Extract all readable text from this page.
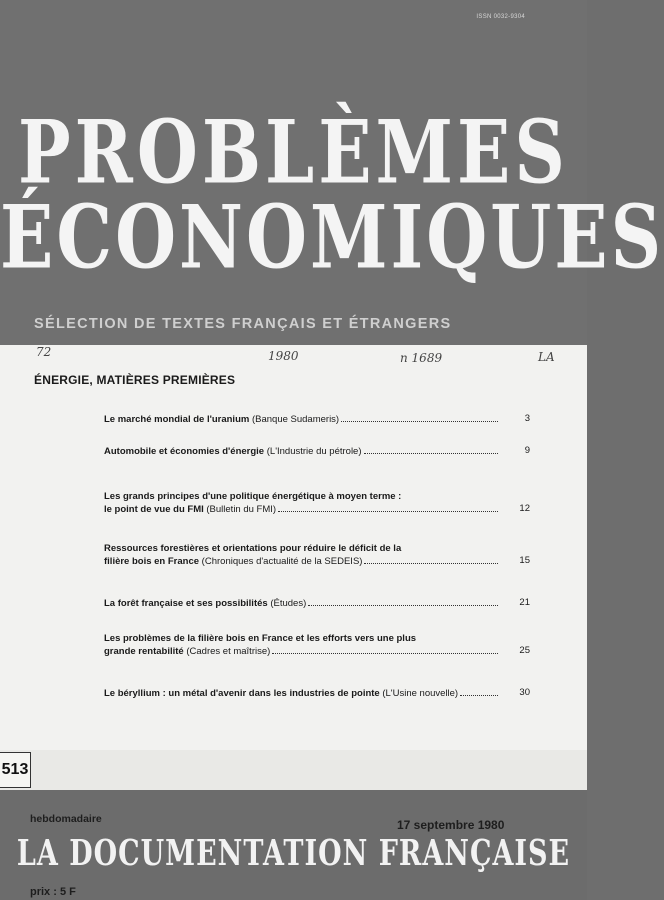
ISSN 0032-9304
PROBLÈMES
ÉCONOMIQUES
SÉLECTION DE TEXTES FRANÇAIS ET ÉTRANGERS
72	1980	n 1689	LA
ÉNERGIE, MATIÈRES PREMIÈRES
Le marché mondial de l'uranium (Banque Sudameris)	3
Automobile et économies d'énergie (L'Industrie du pétrole)	9
Les grands principes d'une politique énergétique à moyen terme :
le point de vue du FMI (Bulletin du FMI)	12
Ressources forestières et orientations pour réduire le déficit de la
filière bois en France (Chroniques d'actualité de la SEDEIS)	15
La forêt française et ses possibilités (Études)	21
Les problèmes de la filière bois en France et les efforts vers une plus
grande rentabilité (Cadres et maîtrise)	25
Le béryllium : un métal d'avenir dans les industries de pointe (L'Usine nouvelle)	30
513
hebdomadaire	17 septembre 1980
LA DOCUMENTATION FRANÇAISE
prix : 5 F
